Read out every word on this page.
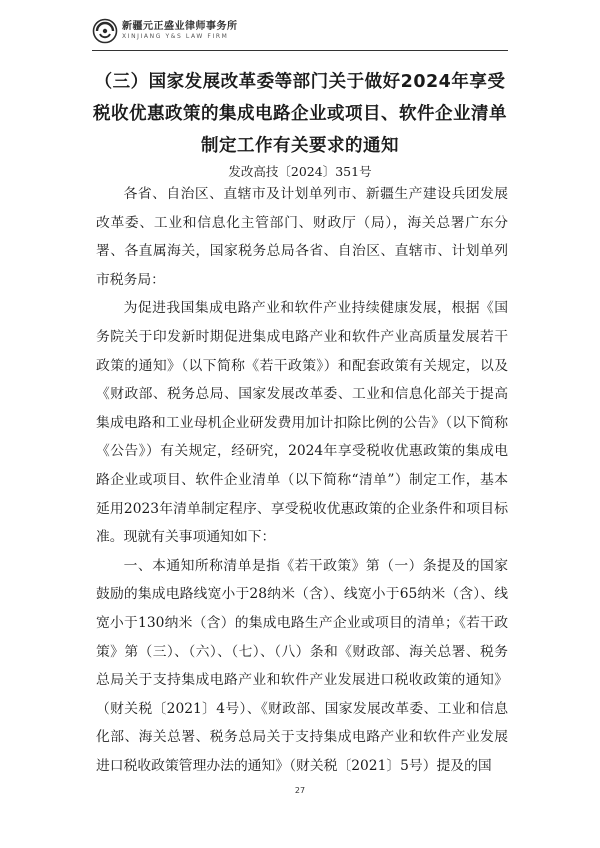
新疆元正盛业律师事务所
XINJIANG Y&S LAW FIRM
（三）国家发展改革委等部门关于做好2024年享受税收优惠政策的集成电路企业或项目、软件企业清单制定工作有关要求的通知
发改高技〔2024〕351号

各省、自治区、直辖市及计划单列市、新疆生产建设兵团发展改革委、工业和信息化主管部门、财政厅（局），海关总署广东分署、各直属海关，国家税务总局各省、自治区、直辖市、计划单列市税务局：

为促进我国集成电路产业和软件产业持续健康发展，根据《国务院关于印发新时期促进集成电路产业和软件产业高质量发展若干政策的通知》（以下简称《若干政策》）和配套政策有关规定，以及《财政部、税务总局、国家发展改革委、工业和信息化部关于提高集成电路和工业母机企业研发费用加计扣除比例的公告》（以下简称《公告》）有关规定，经研究，2024年享受税收优惠政策的集成电路企业或项目、软件企业清单（以下简称“清单”）制定工作，基本延用2023年清单制定程序、享受税收优惠政策的企业条件和项目标准。现就有关事项通知如下：

一、本通知所称清单是指《若干政策》第（一）条提及的国家鼓励的集成电路线宽小于28纳米（含）、线宽小于65纳米（含）、线宽小于130纳米（含）的集成电路生产企业或项目的清单；《若干政策》第（三）、（六）、（七）、（八）条和《财政部、海关总署、税务总局关于支持集成电路产业和软件产业发展进口税收政策的通知》（财关税〔2021〕4号）、《财政部、国家发展改革委、工业和信息化部、海关总署、税务总局关于支持集成电路产业和软件产业发展进口税收政策管理办法的通知》（财关税〔2021〕5号）提及的国

27
